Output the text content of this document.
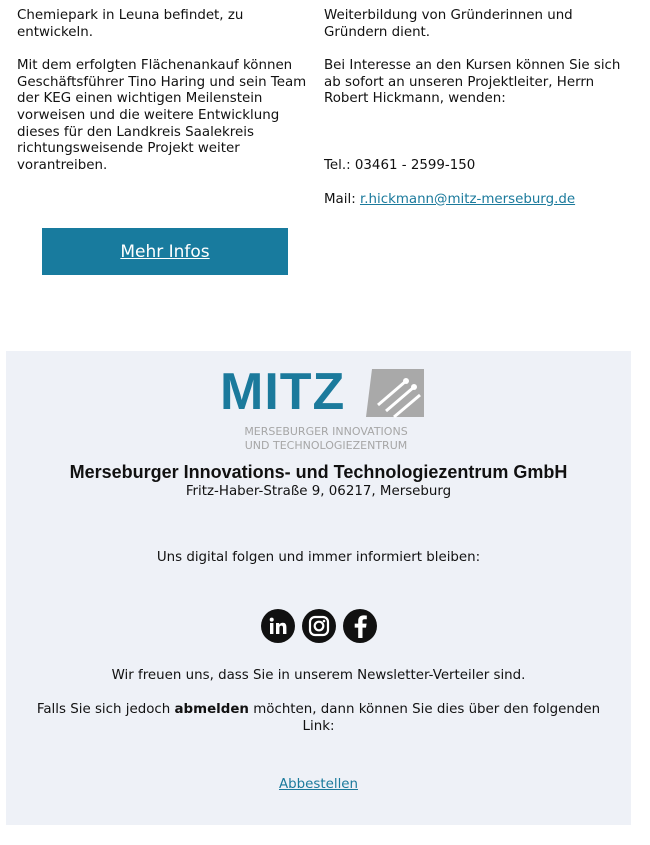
Chemiepark in Leuna befindet, zu entwickeln.

Mit dem erfolgten Flächenankauf können Geschäftsführer Tino Haring und sein Team der KEG einen wichtigen Meilenstein vorweisen und die weitere Entwicklung dieses für den Landkreis Saalekreis richtungsweisende Projekt weiter vorantreiben.

Weiterbildung von Gründerinnen und Gründern dient.

Bei Interesse an den Kursen können Sie sich ab sofort an unseren Projektleiter, Herrn Robert Hickmann, wenden:

Tel.: 03461 - 2599-150

Mail: r.hickmann@mitz-merseburg.de

Mehr Infos
MITZ
MERSEBURGER INNOVATIONS
UND TECHNOLOGIEZENTRUM
Merseburger Innovations- und Technologiezentrum GmbH
Fritz-Haber-Straße 9, 06217, Merseburg
Uns digital folgen und immer informiert bleiben:
Wir freuen uns, dass Sie in unserem Newsletter-Verteiler sind.
Falls Sie sich jedoch abmelden möchten, dann können Sie dies über den folgenden Link:
Abbestellen
